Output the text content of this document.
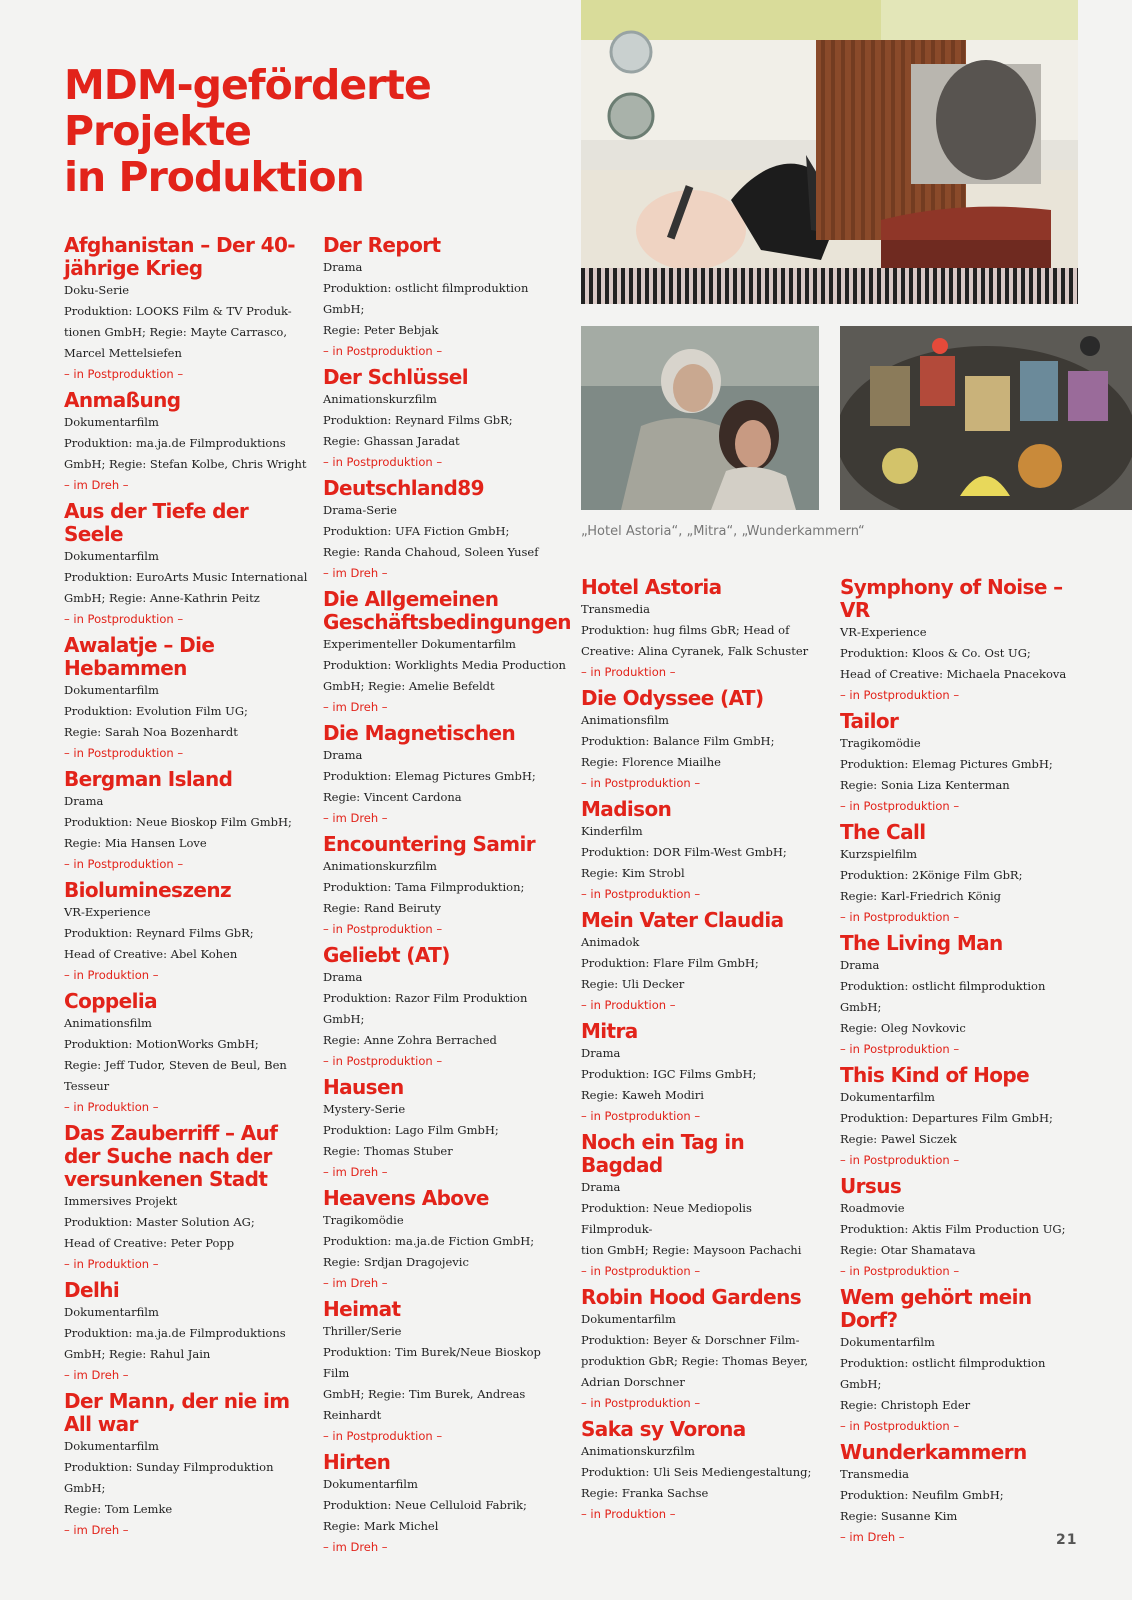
MDM-geförderte Projekte
in Produktion
„Hotel Astoria“, „Mitra“, „Wunderkammern“
Afghanistan – Der 40-jährige Krieg
Doku-Serie
Produktion: LOOKS Film & TV Produk-
tionen GmbH; Regie: Mayte Carrasco,
Marcel Mettelsiefen
– in Postproduktion –
Anmaßung
Dokumentarfilm
Produktion: ma.ja.de Filmproduktions
GmbH; Regie: Stefan Kolbe, Chris Wright
– im Dreh –
Aus der Tiefe der Seele
Dokumentarfilm
Produktion: EuroArts Music International
GmbH; Regie: Anne-Kathrin Peitz
– in Postproduktion –
Awalatje – Die Hebammen
Dokumentarfilm
Produktion: Evolution Film UG;
Regie: Sarah Noa Bozenhardt
– in Postproduktion –
Bergman Island
Drama
Produktion: Neue Bioskop Film GmbH;
Regie: Mia Hansen Love
– in Postproduktion –
Biolumineszenz
VR-Experience
Produktion: Reynard Films GbR;
Head of Creative: Abel Kohen
– in Produktion –
Coppelia
Animationsfilm
Produktion: MotionWorks GmbH;
Regie: Jeff Tudor, Steven de Beul, Ben Tesseur
– in Produktion –
Das Zauberriff – Auf der Suche nach der versunkenen Stadt
Immersives Projekt
Produktion: Master Solution AG;
Head of Creative: Peter Popp
– in Produktion –
Delhi
Dokumentarfilm
Produktion: ma.ja.de Filmproduktions
GmbH; Regie: Rahul Jain
– im Dreh –
Der Mann, der nie im All war
Dokumentarfilm
Produktion: Sunday Filmproduktion GmbH;
Regie: Tom Lemke
– im Dreh –
Der Report
Drama
Produktion: ostlicht filmproduktion GmbH;
Regie: Peter Bebjak
– in Postproduktion –
Der Schlüssel
Animationskurzfilm
Produktion: Reynard Films GbR;
Regie: Ghassan Jaradat
– in Postproduktion –
Deutschland89
Drama-Serie
Produktion: UFA Fiction GmbH;
Regie: Randa Chahoud, Soleen Yusef
– im Dreh –
Die Allgemeinen Geschäftsbedingungen
Experimenteller Dokumentarfilm
Produktion: Worklights Media Production
GmbH; Regie: Amelie Befeldt
– im Dreh –
Die Magnetischen
Drama
Produktion: Elemag Pictures GmbH;
Regie: Vincent Cardona
– im Dreh –
Encountering Samir
Animationskurzfilm
Produktion: Tama Filmproduktion;
Regie: Rand Beiruty
– in Postproduktion –
Geliebt (AT)
Drama
Produktion: Razor Film Produktion GmbH;
Regie: Anne Zohra Berrached
– in Postproduktion –
Hausen
Mystery-Serie
Produktion: Lago Film GmbH;
Regie: Thomas Stuber
– im Dreh –
Heavens Above
Tragikomödie
Produktion: ma.ja.de Fiction GmbH;
Regie: Srdjan Dragojevic
– im Dreh –
Heimat
Thriller/Serie
Produktion: Tim Burek/Neue Bioskop Film
GmbH; Regie: Tim Burek, Andreas Reinhardt
– in Postproduktion –
Hirten
Dokumentarfilm
Produktion: Neue Celluloid Fabrik;
Regie: Mark Michel
– im Dreh –
Hotel Astoria
Transmedia
Produktion: hug films GbR; Head of
Creative: Alina Cyranek, Falk Schuster
– in Produktion –
Die Odyssee (AT)
Animationsfilm
Produktion: Balance Film GmbH;
Regie: Florence Miailhe
– in Postproduktion –
Madison
Kinderfilm
Produktion: DOR Film-West GmbH;
Regie: Kim Strobl
– in Postproduktion –
Mein Vater Claudia
Animadok
Produktion: Flare Film GmbH;
Regie: Uli Decker
– in Produktion –
Mitra
Drama
Produktion: IGC Films GmbH;
Regie: Kaweh Modiri
– in Postproduktion –
Noch ein Tag in Bagdad
Drama
Produktion: Neue Mediopolis Filmproduk-
tion GmbH; Regie: Maysoon Pachachi
– in Postproduktion –
Robin Hood Gardens
Dokumentarfilm
Produktion: Beyer & Dorschner Film-
produktion GbR; Regie: Thomas Beyer,
Adrian Dorschner
– in Postproduktion –
Saka sy Vorona
Animationskurzfilm
Produktion: Uli Seis Mediengestaltung;
Regie: Franka Sachse
– in Produktion –
Symphony of Noise – VR
VR-Experience
Produktion: Kloos & Co. Ost UG;
Head of Creative: Michaela Pnacekova
– in Postproduktion –
Tailor
Tragikomödie
Produktion: Elemag Pictures GmbH;
Regie: Sonia Liza Kenterman
– in Postproduktion –
The Call
Kurzspielfilm
Produktion: 2Könige Film GbR;
Regie: Karl-Friedrich König
– in Postproduktion –
The Living Man
Drama
Produktion: ostlicht filmproduktion GmbH;
Regie: Oleg Novkovic
– in Postproduktion –
This Kind of Hope
Dokumentarfilm
Produktion: Departures Film GmbH;
Regie: Pawel Siczek
– in Postproduktion –
Ursus
Roadmovie
Produktion: Aktis Film Production UG;
Regie: Otar Shamatava
– in Postproduktion –
Wem gehört mein Dorf?
Dokumentarfilm
Produktion: ostlicht filmproduktion GmbH;
Regie: Christoph Eder
– in Postproduktion –
Wunderkammern
Transmedia
Produktion: Neufilm GmbH;
Regie: Susanne Kim
– im Dreh –	21
